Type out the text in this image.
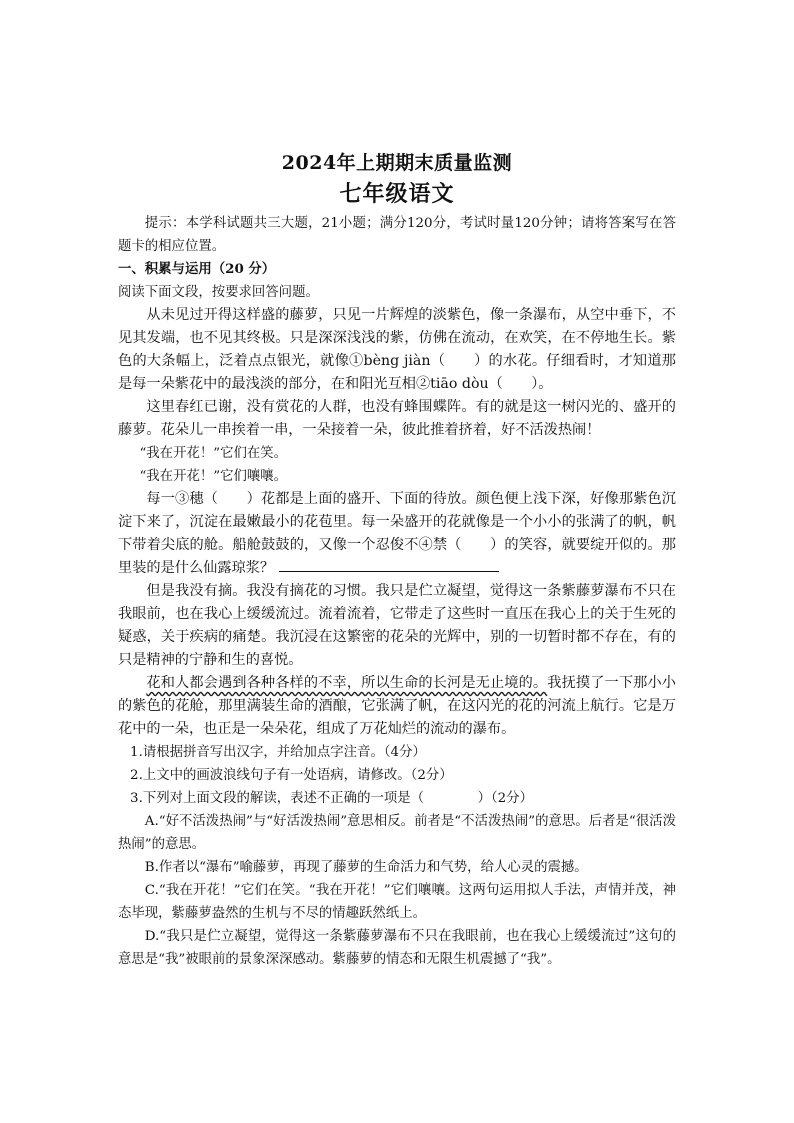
2024年上期期末质量监测

七年级语文

提示：本学科试题共三大题，21小题；满分120分，考试时量120分钟；请将答案写在答题卡的相应位置。

一、积累与运用（20 分）

阅读下面文段，按要求回答问题。

从未见过开得这样盛的藤萝，只见一片辉煌的淡紫色，像一条瀑布，从空中垂下，不见其发端，也不见其终极。只是深深浅浅的紫，仿佛在流动，在欢笑，在不停地生长。紫色的大条幅上，泛着点点银光，就像①bèng jiàn（　　）的水花。仔细看时，才知道那是每一朵紫花中的最浅淡的部分，在和阳光互相②tiāo dòu（　　）。

这里春红已谢，没有赏花的人群，也没有蜂围蝶阵。有的就是这一树闪光的、盛开的藤萝。花朵儿一串挨着一串，一朵接着一朵，彼此推着挤着，好不活泼热闹！

“我在开花！”它们在笑。

“我在开花！”它们嚷嚷。

每一③穗（　　）花都是上面的盛开、下面的待放。颜色便上浅下深，好像那紫色沉淀下来了，沉淀在最嫩最小的花苞里。每一朵盛开的花就像是一个小小的张满了的帆，帆下带着尖底的舱。船舱鼓鼓的，又像一个忍俊不④禁（　　）的笑容，就要绽开似的。那里装的是什么仙露琼浆？

但是我没有摘。我没有摘花的习惯。我只是伫立凝望，觉得这一条紫藤萝瀑布不只在我眼前，也在我心上缓缓流过。流着流着，它带走了这些时一直压在我心上的关于生死的疑惑，关于疾病的痛楚。我沉浸在这繁密的花朵的光辉中，别的一切暂时都不存在，有的只是精神的宁静和生的喜悦。

花和人都会遇到各种各样的不幸，所以生命的长河是无止境的。我抚摸了一下那小小的紫色的花舱，那里满装生命的酒酿，它张满了帆，在这闪光的花的河流上航行。它是万花中的一朵，也正是一朵朵花，组成了万花灿烂的流动的瀑布。

1.请根据拼音写出汉字，并给加点字注音。（4分）

2.上文中的画波浪线句子有一处语病，请修改。（2分）

3.下列对上面文段的解读，表述不正确的一项是（　　　　）（2分）

A.“好不活泼热闹”与“好活泼热闹”意思相反。前者是“不活泼热闹”的意思。后者是“很活泼热闹”的意思。

B.作者以“瀑布”喻藤萝，再现了藤萝的生命活力和气势，给人心灵的震撼。

C.“我在开花！”它们在笑。“我在开花！”它们嚷嚷。这两句运用拟人手法，声情并茂，神态毕现，紫藤萝盎然的生机与不尽的情趣跃然纸上。

D.“我只是伫立凝望，觉得这一条紫藤萝瀑布不只在我眼前，也在我心上缓缓流过”这句的意思是“我”被眼前的景象深深感动。紫藤萝的情态和无限生机震撼了“我”。
